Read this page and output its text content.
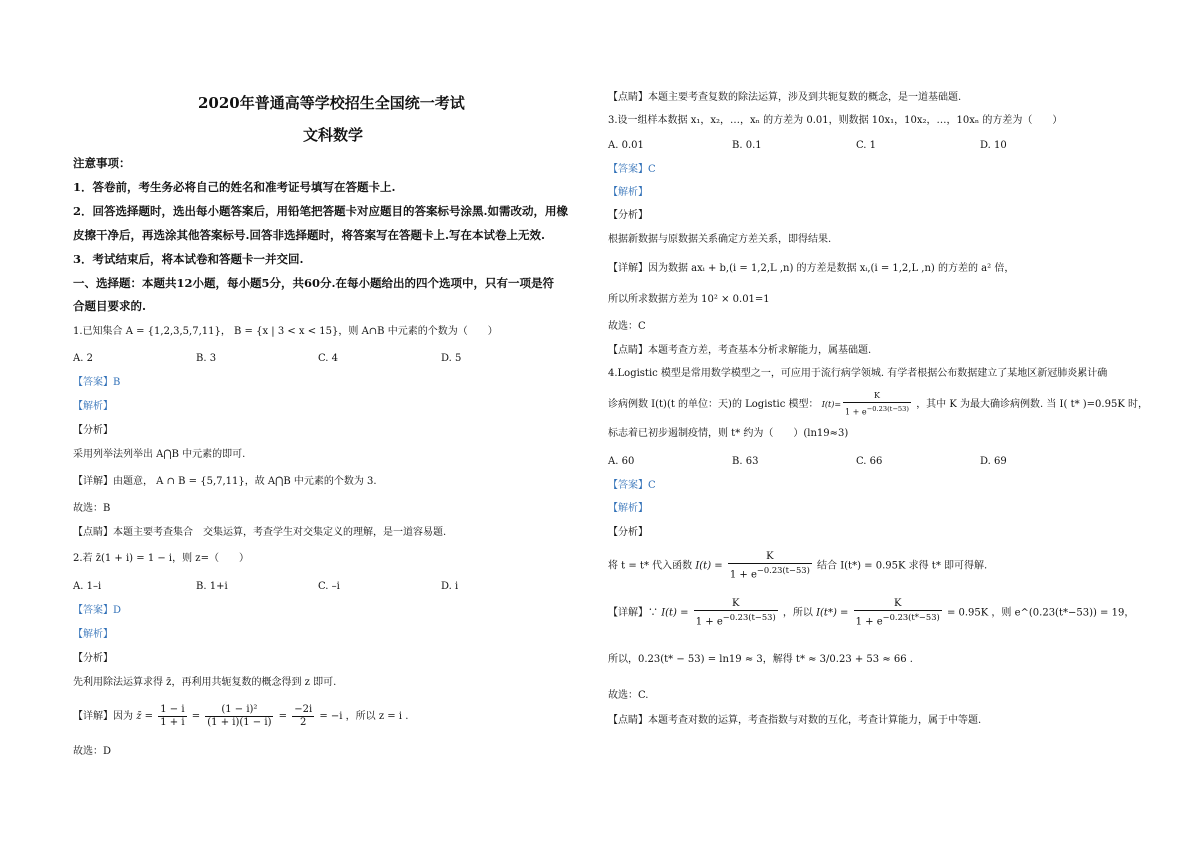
2020年普通高等学校招生全国统一考试
文科数学
注意事项：
1．答卷前，考生务必将自己的姓名和准考证号填写在答题卡上.
2．回答选择题时，选出每小题答案后，用铅笔把答题卡对应题目的答案标号涂黑.如需改动，用橡
皮擦干净后，再选涂其他答案标号.回答非选择题时，将答案写在答题卡上.写在本试卷上无效.
3．考试结束后，将本试卷和答题卡一并交回.
一、选择题：本题共12小题，每小题5分，共60分.在每小题给出的四个选项中，只有一项是符
合题目要求的.
1.已知集合 A = {1,2,3,5,7,11}， B = {x | 3 < x < 15}，则 A∩B 中元素的个数为（　　）
A. 2	B. 3	C. 4	D. 5
【答案】B
【解析】
【分析】
采用列举法列举出 A⋂B 中元素的即可.
【详解】由题意， A ∩ B = {5,7,11}，故 A⋂B 中元素的个数为 3.
故选：B
【点睛】本题主要考查集合　交集运算，考查学生对交集定义的理解，是一道容易题.
2.若 z̄(1 + i) = 1 − i，则 z=（　　）
A. 1–i	B. 1+i	C. –i	D. i
【答案】D
【解析】
【分析】
先利用除法运算求得 z̄，再利用共轭复数的概念得到 z 即可.
【详解】因为 z̄ = $\frac{1 - i}{1 + i} = \frac{\text{(1 − i)²}}{(1 + i)(1 - i)} = \frac{-2i}{2} = -i$ ，所以 z = i .
故选：D
【点睛】本题主要考查复数的除法运算，涉及到共轭复数的概念，是一道基础题.
3.设一组样本数据 x₁，x₂，…，xₙ 的方差为 0.01，则数据 10x₁，10x₂，…，10xₙ 的方差为（　　）
A. 0.01	B. 0.1	C. 1	D. 10
【答案】C
【解析】
【分析】
根据新数据与原数据关系确定方差关系，即得结果.
【详解】因为数据 axᵢ + b,(i = 1,2,L ,n) 的方差是数据 xᵢ,(i = 1,2,L ,n) 的方差的 a² 倍，
所以所求数据方差为 10² × 0.01=1
故选：C
【点睛】本题考查方差，考查基本分析求解能力，属基础题.
4.Logistic 模型是常用数学模型之一，可应用于流行病学领城. 有学者根据公布数据建立了某地区新冠肺炎累计确
诊病例数 I(t)(t 的单位：天)的 Logistic 模型： $I(t)= \frac{K}{1 + e^{-0.23(t-53)}}$ ，其中 K 为最大确诊病例数. 当 I( t* )=0.95K 时，
标志着已初步遏制疫情，则 t* 约为（　　）(ln19≈3)
A. 60	B. 63	C. 66	D. 69
【答案】C
【解析】
【分析】
将 t = t* 代入函数 $I(t) = \frac{K}{1 + e^{-0.23(t-53)}}$ 结合 I(t*) = 0.95K 求得 t* 即可得解.
【详解】∵ $I(t) = \frac{K}{1 + e^{-0.23(t-53)}}$ ，所以 $I(t*) = \frac{K}{1 + e^{-0.23(t*-53)}} = 0.95K$ ，则 e^(0.23(t*−53)) = 19，
所以，0.23(t* − 53) = ln19 ≈ 3，解得 t* ≈ 3/0.23 + 53 ≈ 66 .
故选：C.
【点睛】本题考查对数的运算，考查指数与对数的互化，考查计算能力，属于中等题.
